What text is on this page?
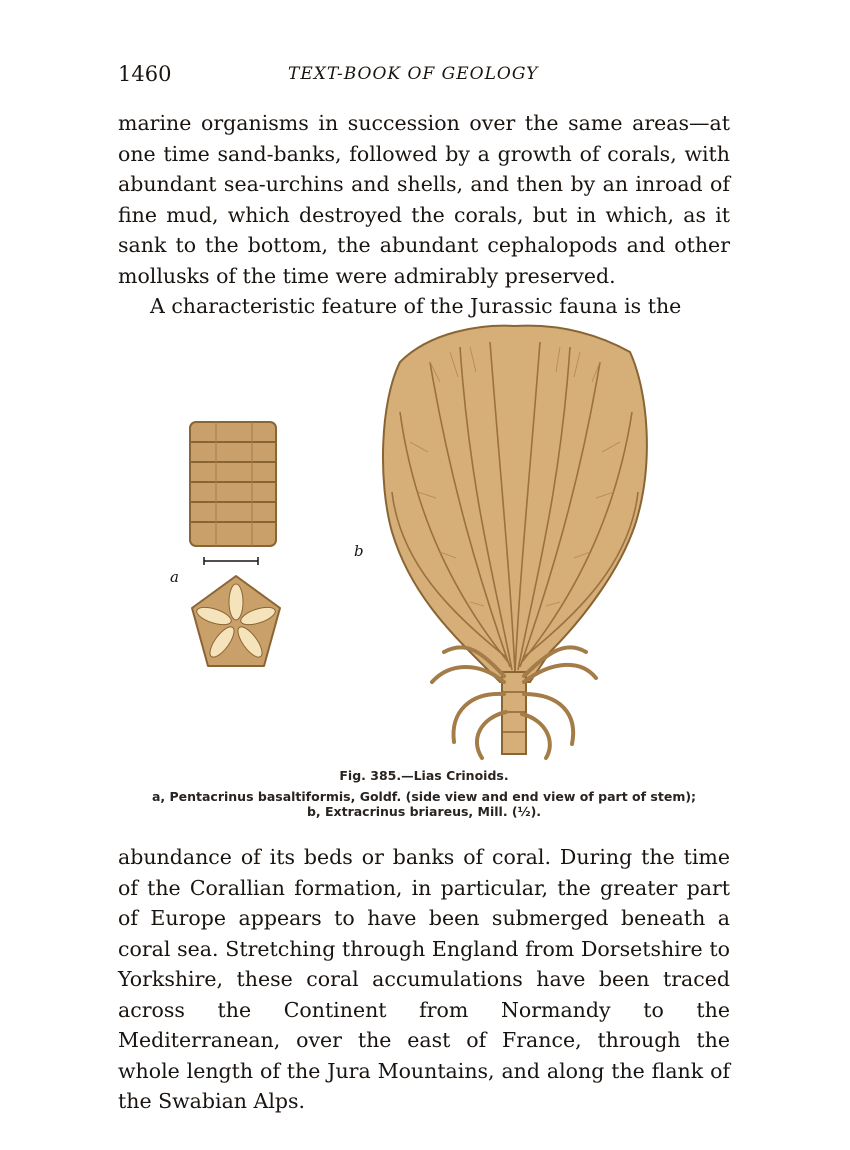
1460	TEXT-BOOK OF GEOLOGY

marine organisms in succession over the same areas—at one time sand-banks, followed by a growth of corals, with abundant sea-urchins and shells, and then by an inroad of fine mud, which destroyed the corals, but in which, as it sank to the bottom, the abundant cephalopods and other mollusks of the time were admirably preserved.

A characteristic feature of the Jurassic fauna is the

a
b
Fig. 385.—Lias Crinoids.
a, Pentacrinus basaltiformis, Goldf. (side view and end view of part of stem);
b, Extracrinus briareus, Mill. (½).

abundance of its beds or banks of coral. During the time of the Corallian formation, in particular, the greater part of Europe appears to have been submerged beneath a coral sea. Stretching through England from Dorsetshire to Yorkshire, these coral accumulations have been traced across the Continent from Normandy to the Mediterranean, over the east of France, through the whole length of the Jura Mountains, and along the flank of the Swabian Alps.
